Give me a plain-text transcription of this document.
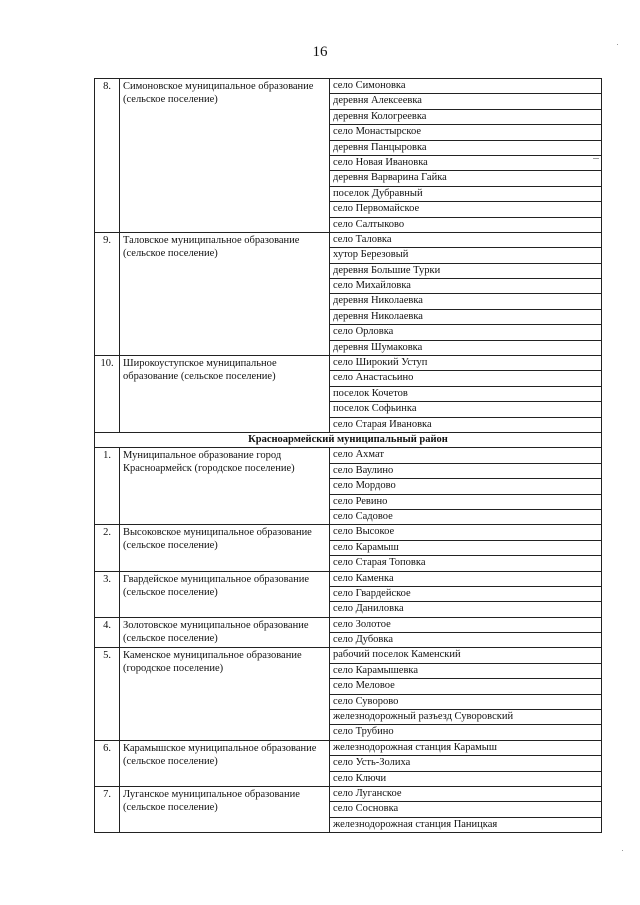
16
8.	Симоновское муниципальное образование (сельское поселение)	село Симоновка
		деревня Алексеевка
		деревня Кологреевка
		село Монастырское
		деревня Панцыровка
		село Новая Ивановка
		деревня Варварина Гайка
		поселок Дубравный
		село Первомайское
		село Салтыково
9.	Таловское муниципальное образование (сельское поселение)	село Таловка
		хутор Березовый
		деревня Большие Турки
		село Михайловка
		деревня Николаевка
		деревня Николаевка
		село Орловка
		деревня Шумаковка
10.	Широкоуступское муниципальное образование (сельское поселение)	село Широкий Уступ
		село Анастасьино
		поселок Кочетов
		поселок Софьинка
		село Старая Ивановка
Красноармейский муниципальный район		
1.	Муниципальное образование город Красноармейск (городское поселение)	село Ахмат
		село Ваулино
		село Мордово
		село Ревино
		село Садовое
2.	Высоковское муниципальное образование (сельское поселение)	село Высокое
		село Карамыш
		село Старая Топовка
3.	Гвардейское муниципальное образование (сельское поселение)	село Каменка
		село Гвардейское
		село Даниловка
4.	Золотовское муниципальное образование (сельское поселение)	село Золотое
		село Дубовка
5.	Каменское муниципальное образование (городское поселение)	рабочий поселок Каменский
		село Карамышевка
		село Меловое
		село Суворово
		железнодорожный разъезд Суворовский
		село Трубино
6.	Карамышское муниципальное образование (сельское поселение)	железнодорожная станция Карамыш
		село Усть-Золиха
		село Ключи
7.	Луганское муниципальное образование (сельское поселение)	село Луганское
		село Сосновка
		железнодорожная станция Паницкая
